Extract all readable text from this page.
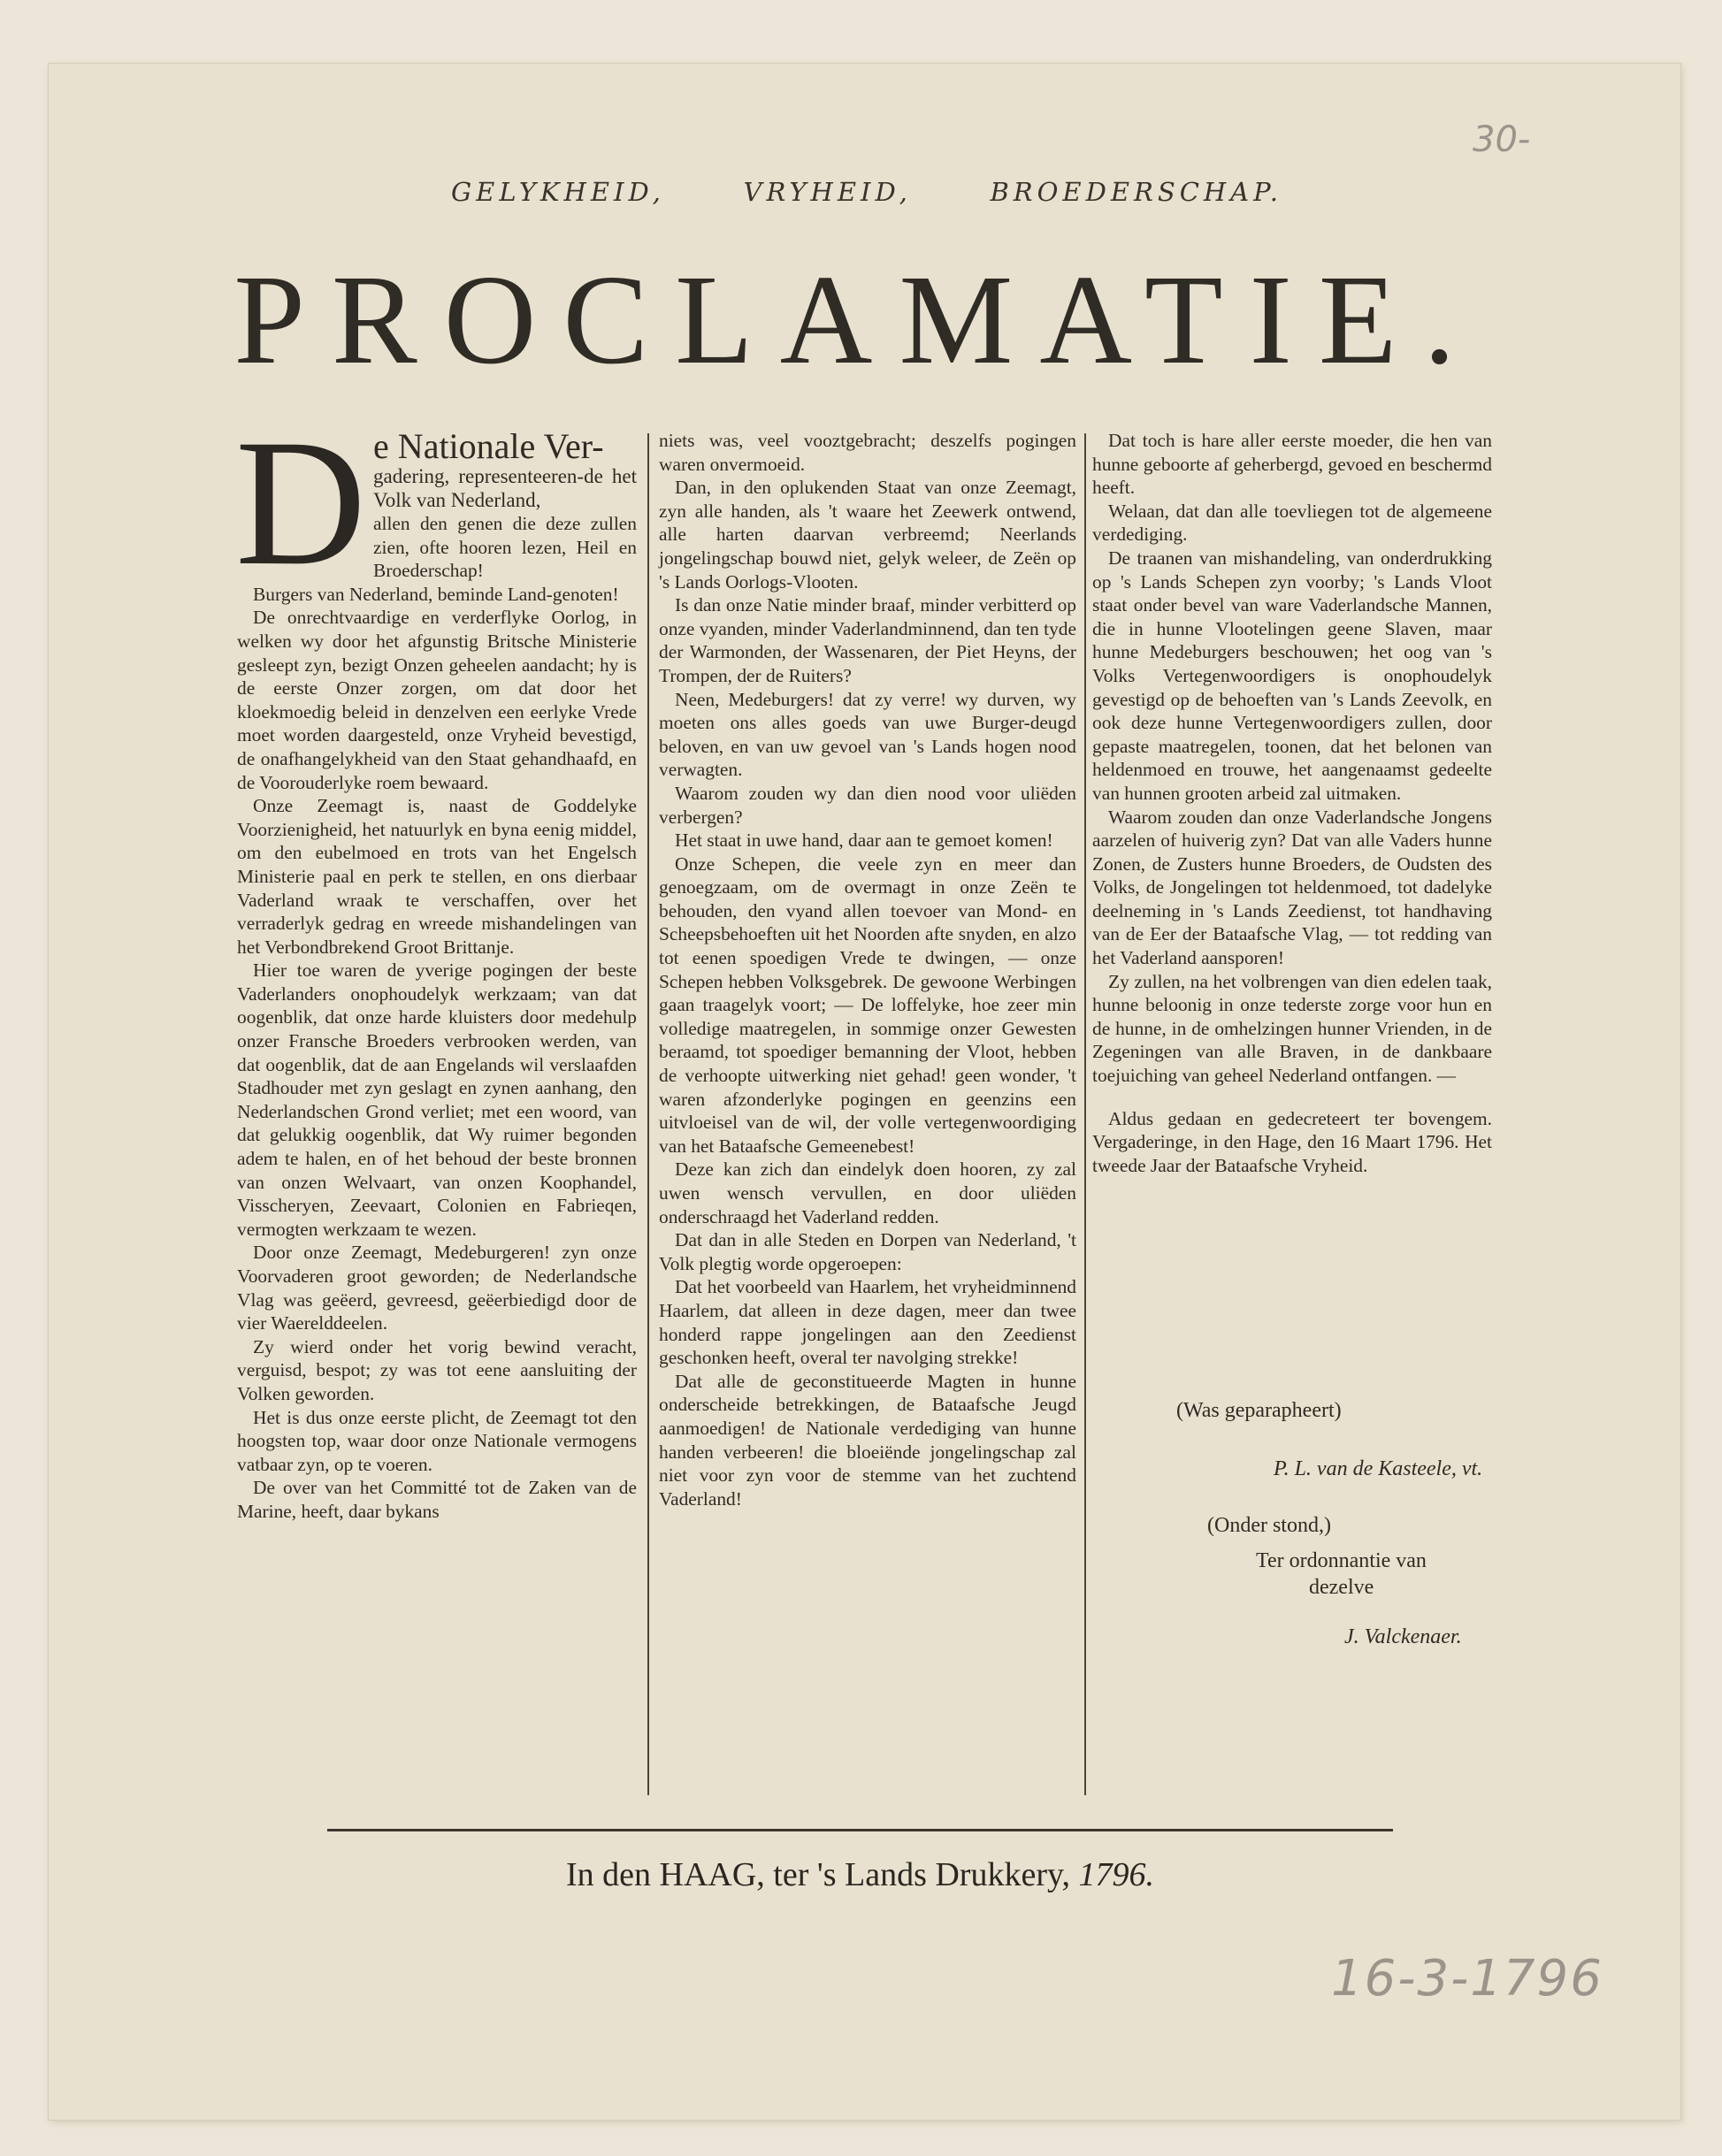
30-
GELYKHEID,	VRYHEID,	BROEDERSCHAP.
PROCLAMATIE.
D e Nationale Ver-
gadering, representeeren-de het Volk van Nederland,

allen den genen die deze zullen zien, ofte hooren lezen, Heil en Broederschap!

Burgers van Nederland, beminde Land-genoten!

De onrechtvaardige en verderflyke Oorlog, in welken wy door het afgunstig Britsche Ministerie gesleept zyn, bezigt Onzen geheelen aandacht; hy is de eerste Onzer zorgen, om dat door het kloekmoedig beleid in denzelven een eerlyke Vrede moet worden daargesteld, onze Vryheid bevestigd, de onafhangelykheid van den Staat gehandhaafd, en de Voorouderlyke roem bewaard.

Onze Zeemagt is, naast de Goddelyke Voorzienigheid, het natuurlyk en byna eenig middel, om den eubelmoed en trots van het Engelsch Ministerie paal en perk te stellen, en ons dierbaar Vaderland wraak te verschaffen, over het verraderlyk gedrag en wreede mishandelingen van het Verbondbrekend Groot Brittanje.

Hier toe waren de yverige pogingen der beste Vaderlanders onophoudelyk werkzaam; van dat oogenblik, dat onze harde kluisters door medehulp onzer Fransche Broeders verbrooken werden, van dat oogenblik, dat de aan Engelands wil verslaafden Stadhouder met zyn geslagt en zynen aanhang, den Nederlandschen Grond verliet; met een woord, van dat gelukkig oogenblik, dat Wy ruimer begonden adem te halen, en of het behoud der beste bronnen van onzen Welvaart, van onzen Koophandel, Visscheryen, Zeevaart, Colonien en Fabrieqen, vermogten werkzaam te wezen.

Door onze Zeemagt, Medeburgeren! zyn onze Voorvaderen groot geworden; de Nederlandsche Vlag was geëerd, gevreesd, geëerbiedigd door de vier Waerelddeelen.

Zy wierd onder het vorig bewind veracht, verguisd, bespot; zy was tot eene aansluiting der Volken geworden.

Het is dus onze eerste plicht, de Zeemagt tot den hoogsten top, waar door onze Nationale vermogens vatbaar zyn, op te voeren.

De over van het Committé tot de Zaken van de Marine, heeft, daar bykans

niets was, veel vooztgebracht; deszelfs pogingen waren onvermoeid.

Dan, in den oplukenden Staat van onze Zeemagt, zyn alle handen, als 't waare het Zeewerk ontwend, alle harten daarvan verbreemd; Neerlands jongelingschap bouwd niet, gelyk weleer, de Zeën op 's Lands Oorlogs-Vlooten.

Is dan onze Natie minder braaf, minder verbitterd op onze vyanden, minder Vaderlandminnend, dan ten tyde der Warmonden, der Wassenaren, der Piet Heyns, der Trompen, der de Ruiters?

Neen, Medeburgers! dat zy verre! wy durven, wy moeten ons alles goeds van uwe Burger-deugd beloven, en van uw gevoel van 's Lands hogen nood verwagten.

Waarom zouden wy dan dien nood voor uliëden verbergen?

Het staat in uwe hand, daar aan te gemoet komen!

Onze Schepen, die veele zyn en meer dan genoegzaam, om de overmagt in onze Zeën te behouden, den vyand allen toevoer van Mond- en Scheepsbehoeften uit het Noorden afte snyden, en alzo tot eenen spoedigen Vrede te dwingen, — onze Schepen hebben Volksgebrek. De gewoone Werbingen gaan traagelyk voort; — De loffelyke, hoe zeer min volledige maatregelen, in sommige onzer Gewesten beraamd, tot spoediger bemanning der Vloot, hebben de verhoopte uitwerking niet gehad! geen wonder, 't waren afzonderlyke pogingen en geenzins een uitvloeisel van de wil, der volle vertegenwoordiging van het Bataafsche Gemeenebest!

Deze kan zich dan eindelyk doen hooren, zy zal uwen wensch vervullen, en door uliëden onderschraagd het Vaderland redden.

Dat dan in alle Steden en Dorpen van Nederland, 't Volk plegtig worde opgeroepen:

Dat het voorbeeld van Haarlem, het vryheidminnend Haarlem, dat alleen in deze dagen, meer dan twee honderd rappe jongelingen aan den Zeedienst geschonken heeft, overal ter navolging strekke!

Dat alle de geconstitueerde Magten in hunne onderscheide betrekkingen, de Bataafsche Jeugd aanmoedigen! de Nationale verdediging van hunne handen verbeeren! die bloeiënde jongelingschap zal niet voor zyn voor de stemme van het zuchtend Vaderland!

Dat toch is hare aller eerste moeder, die hen van hunne geboorte af geherbergd, gevoed en beschermd heeft.

Welaan, dat dan alle toevliegen tot de algemeene verdediging.

De traanen van mishandeling, van onderdrukking op 's Lands Schepen zyn voorby; 's Lands Vloot staat onder bevel van ware Vaderlandsche Mannen, die in hunne Vlootelingen geene Slaven, maar hunne Medeburgers beschouwen; het oog van 's Volks Vertegenwoordigers is onophoudelyk gevestigd op de behoeften van 's Lands Zeevolk, en ook deze hunne Vertegenwoordigers zullen, door gepaste maatregelen, toonen, dat het belonen van heldenmoed en trouwe, het aangenaamst gedeelte van hunnen grooten arbeid zal uitmaken.

Waarom zouden dan onze Vaderlandsche Jongens aarzelen of huiverig zyn? Dat van alle Vaders hunne Zonen, de Zusters hunne Broeders, de Oudsten des Volks, de Jongelingen tot heldenmoed, tot dadelyke deelneming in 's Lands Zeedienst, tot handhaving van de Eer der Bataafsche Vlag, — tot redding van het Vaderland aansporen!

Zy zullen, na het volbrengen van dien edelen taak, hunne beloonig in onze tederste zorge voor hun en de hunne, in de omhelzingen hunner Vrienden, in de Zegeningen van alle Braven, in de dankbaare toejuiching van geheel Nederland ontfangen. —

Aldus gedaan en gedecreteert ter bovengem. Vergaderinge, in den Hage, den 16 Maart 1796. Het tweede Jaar der Bataafsche Vryheid.

(Was geparapheert)
P. L. van de Kasteele, vt.
(Onder stond,)
Ter ordonnantie van
dezelve
J. Valckenaer.
In den HAAG, ter 's Lands Drukkery, 1796.
16-3-1796
